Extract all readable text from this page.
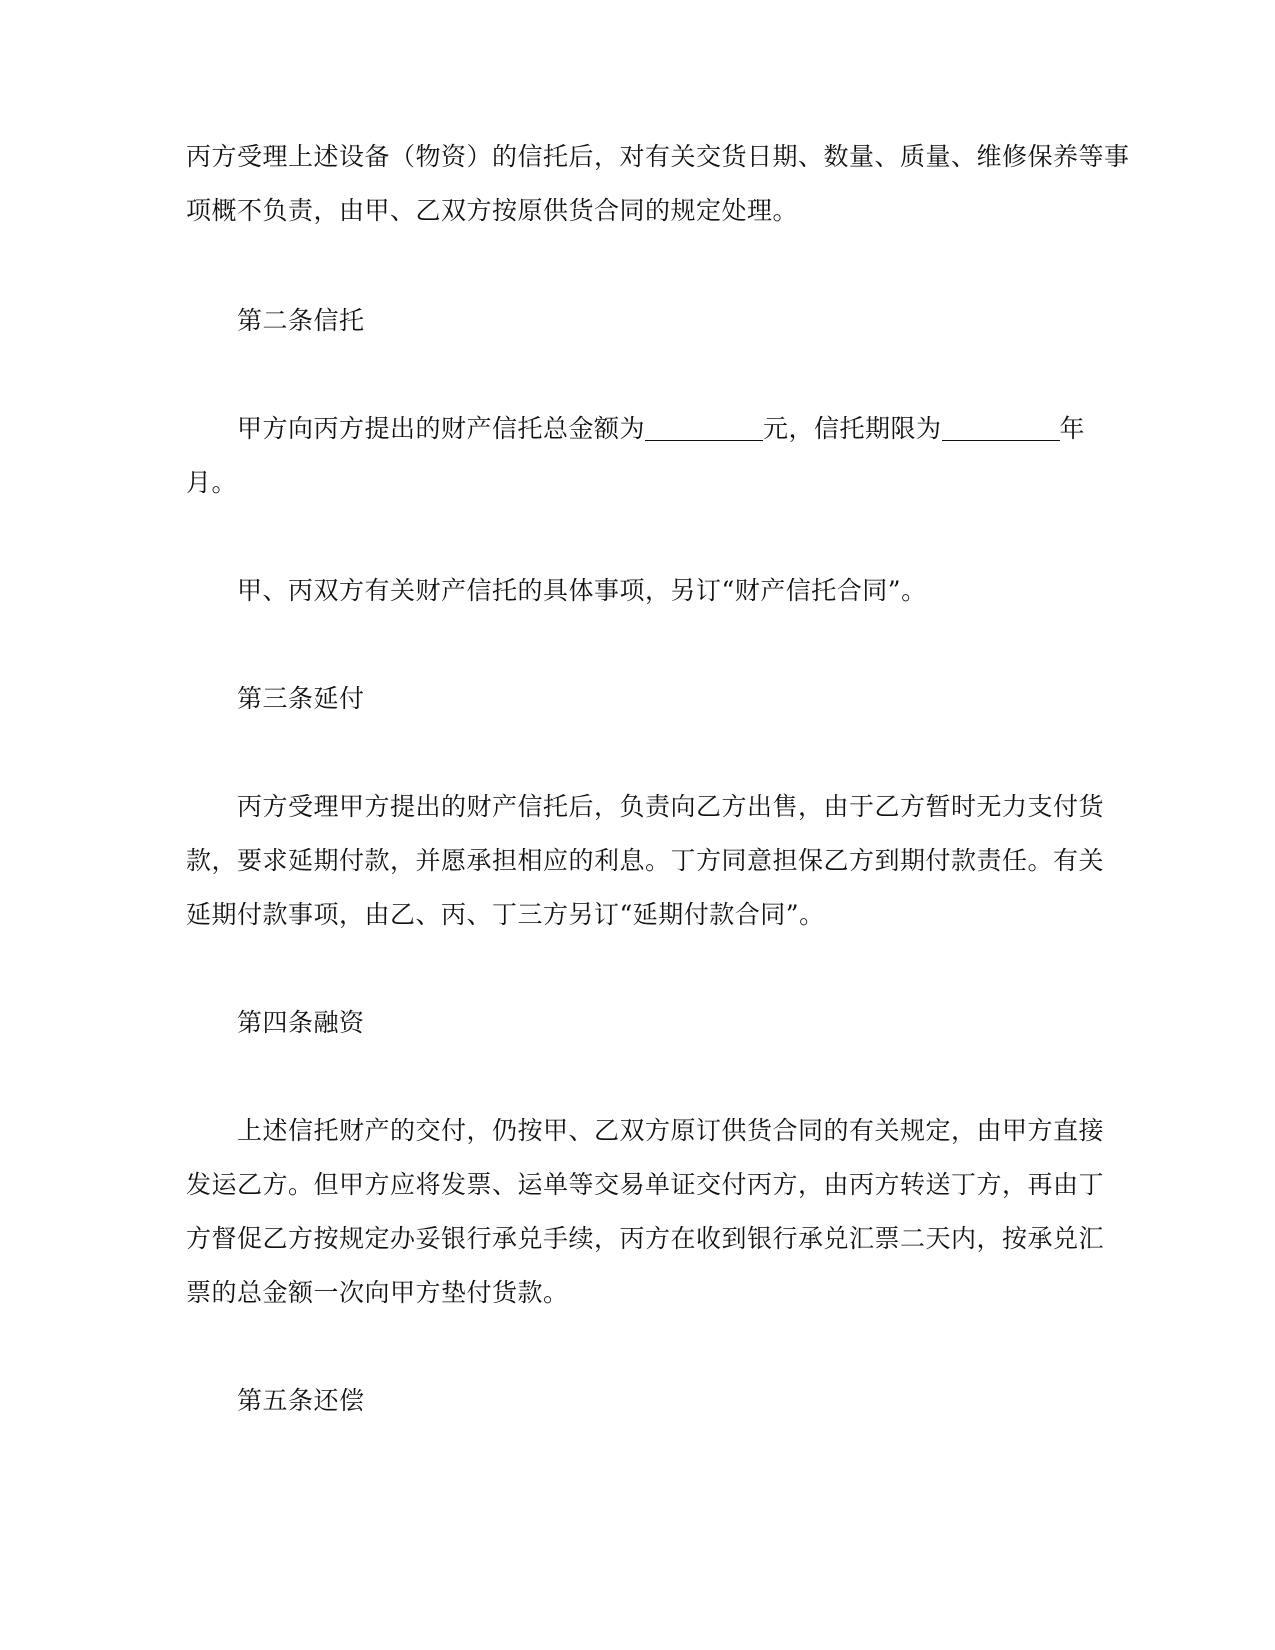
丙方受理上述设备（物资）的信托后，对有关交货日期、数量、质量、维修保养等事
项概不负责，由甲、乙双方按原供货合同的规定处理。
第二条信托
甲方向丙方提出的财产信托总金额为	元，信托期限为	年
月。
甲、丙双方有关财产信托的具体事项，另订“财产信托合同”。
第三条延付
丙方受理甲方提出的财产信托后，负责向乙方出售，由于乙方暂时无力支付货
款，要求延期付款，并愿承担相应的利息。丁方同意担保乙方到期付款责任。有关
延期付款事项，由乙、丙、丁三方另订“延期付款合同”。
第四条融资
上述信托财产的交付，仍按甲、乙双方原订供货合同的有关规定，由甲方直接
发运乙方。但甲方应将发票、运单等交易单证交付丙方，由丙方转送丁方，再由丁
方督促乙方按规定办妥银行承兑手续，丙方在收到银行承兑汇票二天内，按承兑汇
票的总金额一次向甲方垫付货款。
第五条还偿
